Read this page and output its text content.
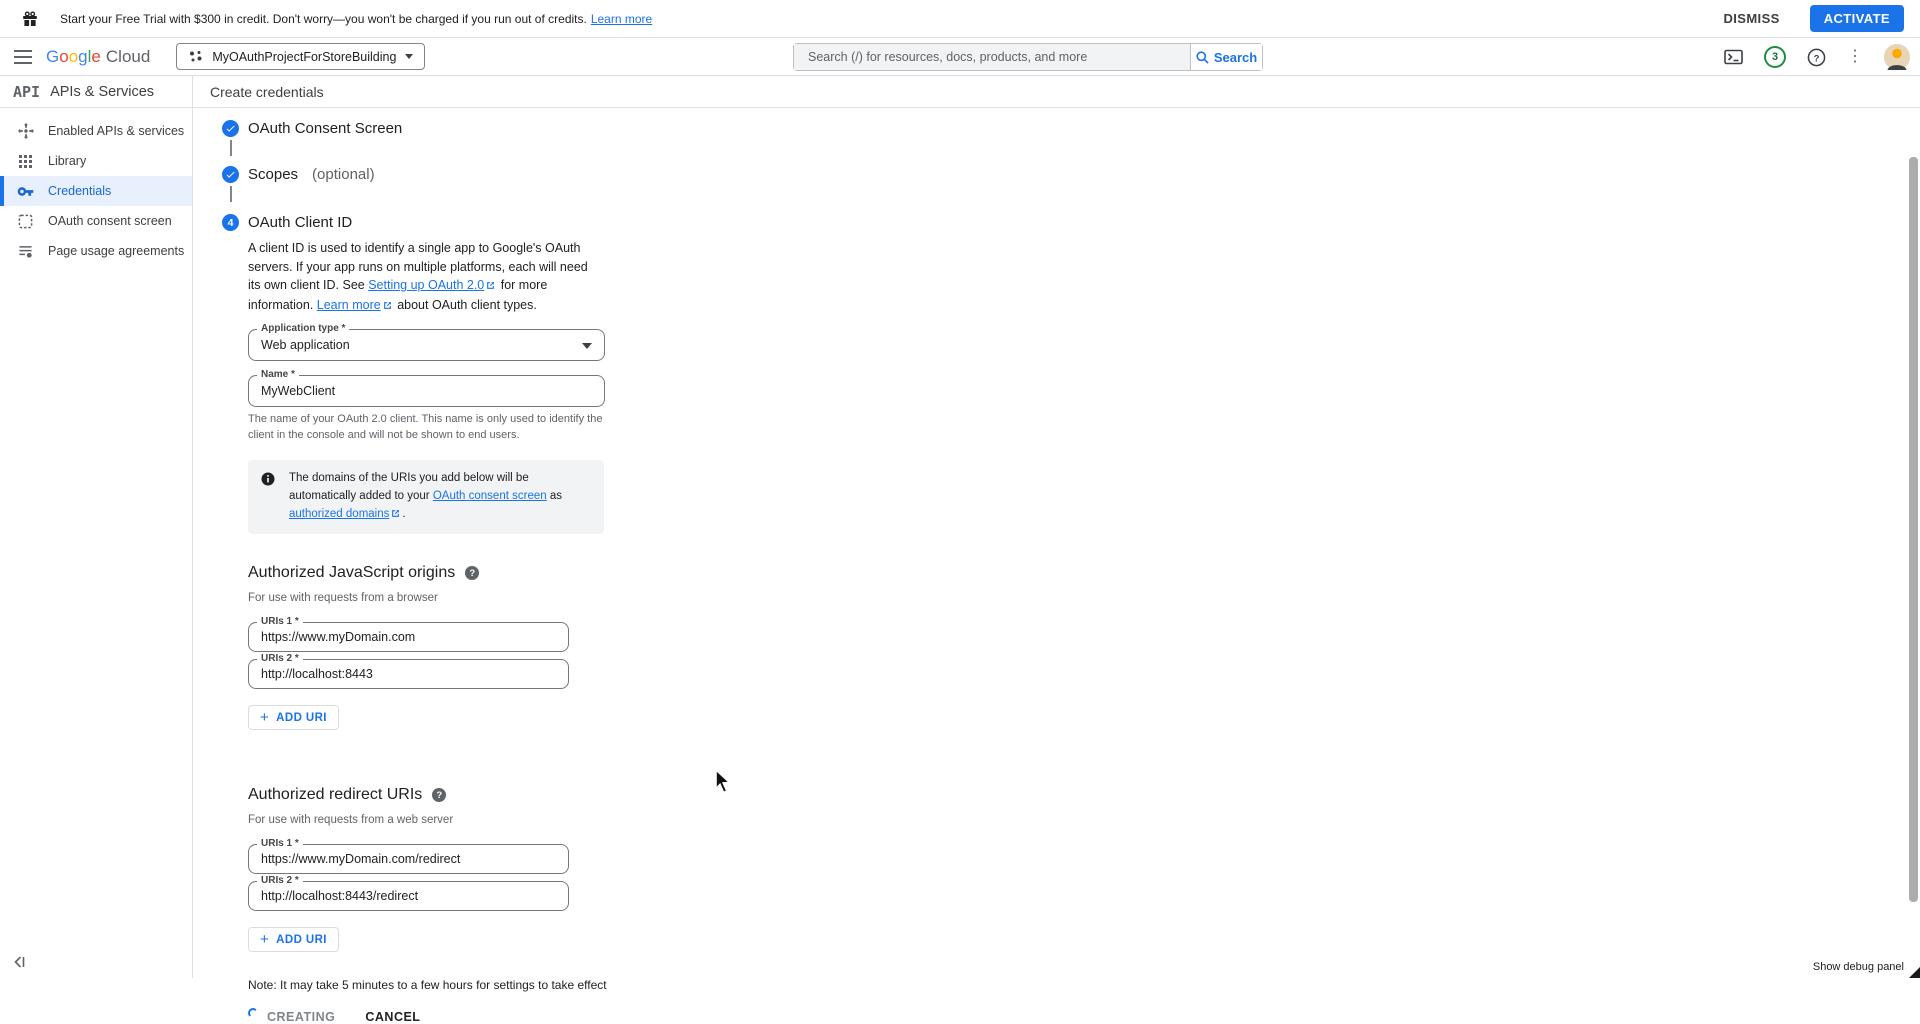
Start your Free Trial with $300 in credit. Don't worry—you won't be charged if you run out of credits. Learn more	DISMISS	ACTIVATE
Google Cloud	MyOAuthProjectForStoreBuilding
Search (/) for resources, docs, products, and more	Search	3	? ⋮
API APIs & Services
Enabled APIs & services
Library
Credentials
OAuth consent screen
Page usage agreements
Create credentials
OAuth Consent Screen
Scopes (optional)
4 OAuth Client ID

A client ID is used to identify a single app to Google's OAuth servers. If your app runs on multiple platforms, each will need its own client ID. See Setting up OAuth 2.0 for more information. Learn more about OAuth client types.

Application type *
Web application
Name *
MyWebClient

The name of your OAuth 2.0 client. This name is only used to identify the client in the console and will not be shown to end users.

The domains of the URIs you add below will be automatically added to your OAuth consent screen as authorized domains .
Authorized JavaScript origins	?
For use with requests from a browser
URIs 1 *
https://www.myDomain.com
URIs 2 *
http://localhost:8443
+ ADD URI
Authorized redirect URIs	?
For use with requests from a web server
URIs 1 *
https://www.myDomain.com/redirect
URIs 2 *
http://localhost:8443/redirect
+ ADD URI

Note: It may take 5 minutes to a few hours for settings to take effect

CREATING CANCEL
Show debug panel
